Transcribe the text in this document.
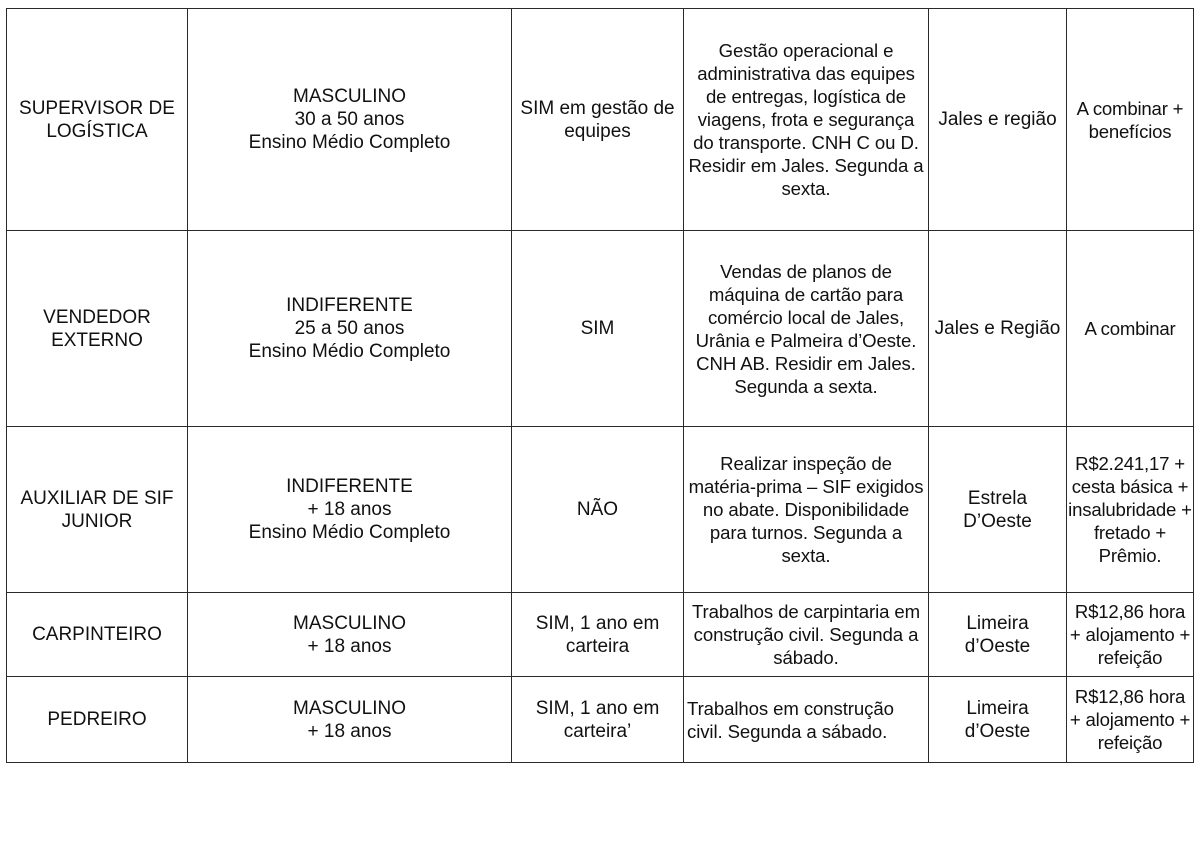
SUPERVISOR DE LOGÍSTICA	MASCULINO
30 a 50 anos
Ensino Médio Completo	SIM em gestão de equipes	Gestão operacional e administrativa das equipes de entregas, logística de viagens, frota e segurança do transporte. CNH C ou D. Residir em Jales. Segunda a sexta.	Jales e região	A combinar + benefícios

VENDEDOR EXTERNO	INDIFERENTE
25 a 50 anos
Ensino Médio Completo	SIM	Vendas de planos de máquina de cartão para comércio local de Jales, Urânia e Palmeira d’Oeste. CNH AB. Residir em Jales. Segunda a sexta.	Jales e Região	A combinar

AUXILIAR DE SIF JUNIOR	INDIFERENTE
+ 18 anos
Ensino Médio Completo	NÃO	Realizar inspeção de matéria-prima – SIF exigidos no abate. Disponibilidade para turnos. Segunda a sexta.	Estrela D’Oeste	R$2.241,17 + cesta básica + insalubridade + fretado + Prêmio.

CARPINTEIRO	MASCULINO
+ 18 anos	SIM, 1 ano em carteira	Trabalhos de carpintaria em construção civil. Segunda a sábado.	Limeira d’Oeste	R$12,86 hora + alojamento + refeição

PEDREIRO	MASCULINO
+ 18 anos	SIM, 1 ano em carteira’	Trabalhos em construção civil. Segunda a sábado.	Limeira d’Oeste	R$12,86 hora + alojamento + refeição
